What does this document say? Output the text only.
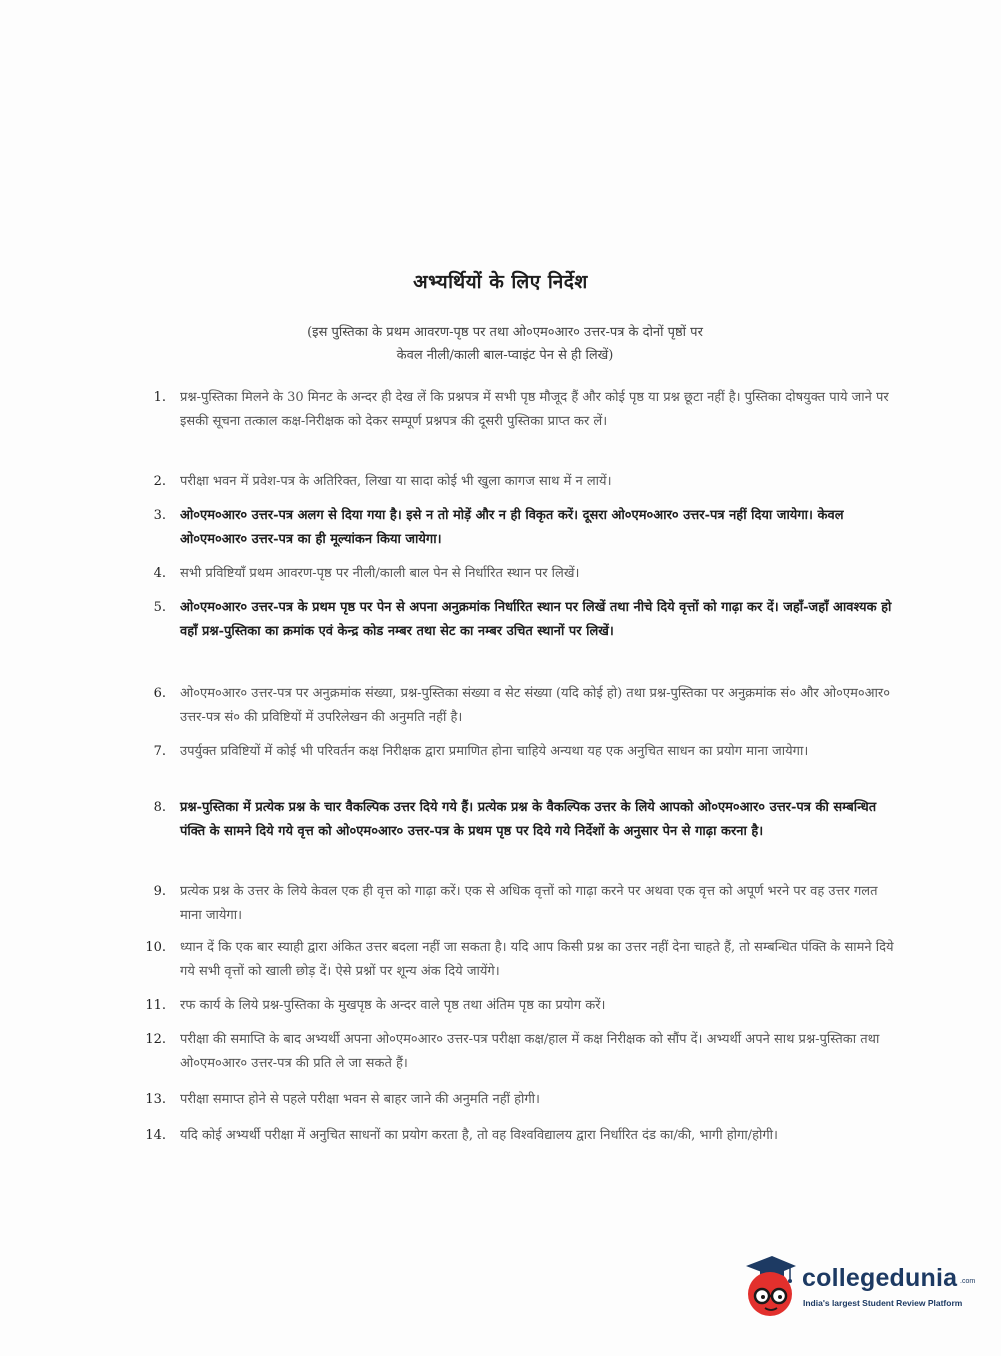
अभ्यर्थियों के लिए निर्देश
(इस पुस्तिका के प्रथम आवरण-पृष्ठ पर तथा ओ०एम०आर० उत्तर-पत्र के दोनों पृष्ठों पर
केवल नीली/काली बाल-प्वाइंट पेन से ही लिखें)
1.	प्रश्न-पुस्तिका मिलने के 30 मिनट के अन्दर ही देख लें कि प्रश्नपत्र में सभी पृष्ठ मौजूद हैं और कोई पृष्ठ या प्रश्न छूटा नहीं है। पुस्तिका दोषयुक्त पाये जाने पर इसकी सूचना तत्काल कक्ष-निरीक्षक को देकर सम्पूर्ण प्रश्नपत्र की दूसरी पुस्तिका प्राप्त कर लें।
2.	परीक्षा भवन में प्रवेश-पत्र के अतिरिक्त, लिखा या सादा कोई भी खुला कागज साथ में न लायें।
3.	ओ०एम०आर० उत्तर-पत्र अलग से दिया गया है। इसे न तो मोड़ें और न ही विकृत करें। दूसरा ओ०एम०आर० उत्तर-पत्र नहीं दिया जायेगा। केवल ओ०एम०आर० उत्तर-पत्र का ही मूल्यांकन किया जायेगा।
4.	सभी प्रविष्टियाँ प्रथम आवरण-पृष्ठ पर नीली/काली बाल पेन से निर्धारित स्थान पर लिखें।
5.	ओ०एम०आर० उत्तर-पत्र के प्रथम पृष्ठ पर पेन से अपना अनुक्रमांक निर्धारित स्थान पर लिखें तथा नीचे दिये वृत्तों को गाढ़ा कर दें। जहाँ-जहाँ आवश्यक हो वहाँ प्रश्न-पुस्तिका का क्रमांक एवं केन्द्र कोड नम्बर तथा सेट का नम्बर उचित स्थानों पर लिखें।
6.	ओ०एम०आर० उत्तर-पत्र पर अनुक्रमांक संख्या, प्रश्न-पुस्तिका संख्या व सेट संख्या (यदि कोई हो) तथा प्रश्न-पुस्तिका पर अनुक्रमांक सं० और ओ०एम०आर० उत्तर-पत्र सं० की प्रविष्टियों में उपरिलेखन की अनुमति नहीं है।
7.	उपर्युक्त प्रविष्टियों में कोई भी परिवर्तन कक्ष निरीक्षक द्वारा प्रमाणित होना चाहिये अन्यथा यह एक अनुचित साधन का प्रयोग माना जायेगा।
8.	प्रश्न-पुस्तिका में प्रत्येक प्रश्न के चार वैकल्पिक उत्तर दिये गये हैं। प्रत्येक प्रश्न के वैकल्पिक उत्तर के लिये आपको ओ०एम०आर० उत्तर-पत्र की सम्बन्धित पंक्ति के सामने दिये गये वृत्त को ओ०एम०आर० उत्तर-पत्र के प्रथम पृष्ठ पर दिये गये निर्देशों के अनुसार पेन से गाढ़ा करना है।
9.	प्रत्येक प्रश्न के उत्तर के लिये केवल एक ही वृत्त को गाढ़ा करें। एक से अधिक वृत्तों को गाढ़ा करने पर अथवा एक वृत्त को अपूर्ण भरने पर वह उत्तर गलत माना जायेगा।
10.	ध्यान दें कि एक बार स्याही द्वारा अंकित उत्तर बदला नहीं जा सकता है। यदि आप किसी प्रश्न का उत्तर नहीं देना चाहते हैं, तो सम्बन्धित पंक्ति के सामने दिये गये सभी वृत्तों को खाली छोड़ दें। ऐसे प्रश्नों पर शून्य अंक दिये जायेंगे।
11.	रफ कार्य के लिये प्रश्न-पुस्तिका के मुखपृष्ठ के अन्दर वाले पृष्ठ तथा अंतिम पृष्ठ का प्रयोग करें।
12.	परीक्षा की समाप्ति के बाद अभ्यर्थी अपना ओ०एम०आर० उत्तर-पत्र परीक्षा कक्ष/हाल में कक्ष निरीक्षक को सौंप दें। अभ्यर्थी अपने साथ प्रश्न-पुस्तिका तथा ओ०एम०आर० उत्तर-पत्र की प्रति ले जा सकते हैं।
13.	परीक्षा समाप्त होने से पहले परीक्षा भवन से बाहर जाने की अनुमति नहीं होगी।
14.	यदि कोई अभ्यर्थी परीक्षा में अनुचित साधनों का प्रयोग करता है, तो वह विश्वविद्यालय द्वारा निर्धारित दंड का/की, भागी होगा/होगी।
collegedunia .com
India's largest Student Review Platform
